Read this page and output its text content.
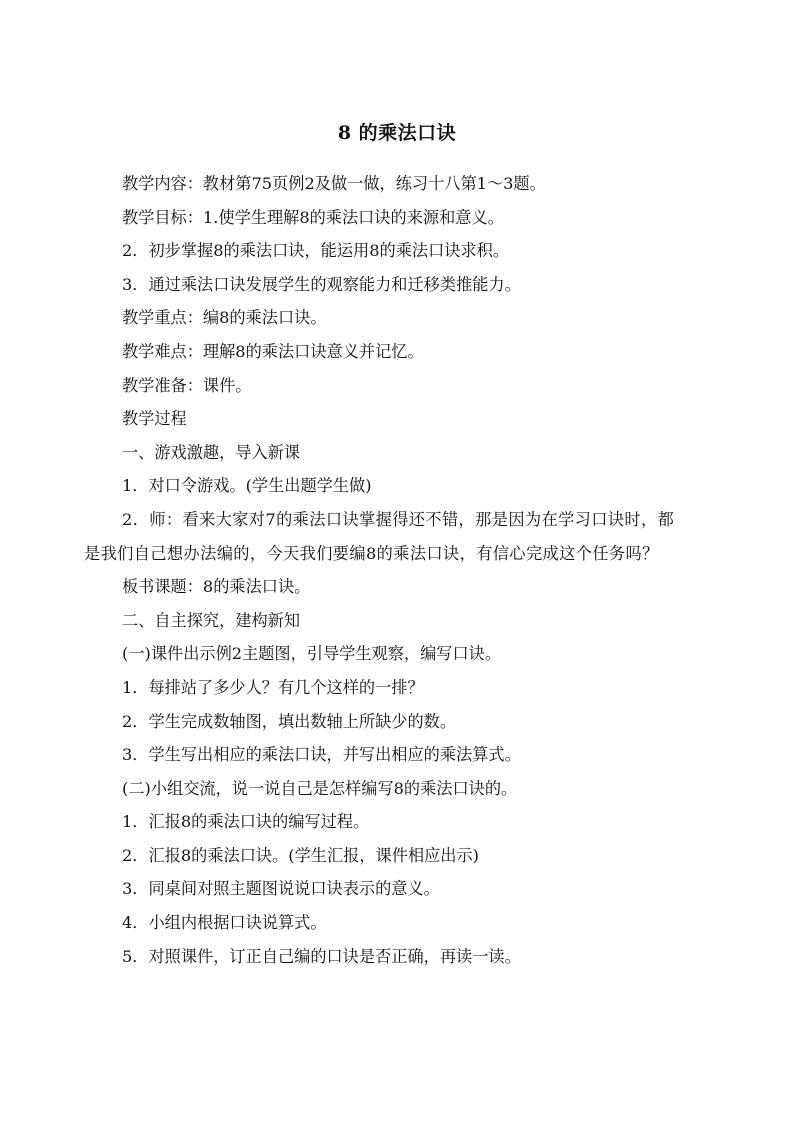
8 的乘法口诀

教学内容：教材第75页例2及做一做，练习十八第1～3题。

教学目标：1.使学生理解8的乘法口诀的来源和意义。

2．初步掌握8的乘法口诀，能运用8的乘法口诀求积。

3．通过乘法口诀发展学生的观察能力和迁移类推能力。

教学重点：编8的乘法口诀。

教学难点：理解8的乘法口诀意义并记忆。

教学准备：课件。

教学过程

一、游戏激趣，导入新课

1．对口令游戏。(学生出题学生做)

2．师：看来大家对7的乘法口诀掌握得还不错，那是因为在学习口诀时，都是我们自己想办法编的，今天我们要编8的乘法口诀，有信心完成这个任务吗？

板书课题：8的乘法口诀。

二、自主探究，建构新知

(一)课件出示例2主题图，引导学生观察，编写口诀。

1．每排站了多少人？有几个这样的一排？

2．学生完成数轴图，填出数轴上所缺少的数。

3．学生写出相应的乘法口诀，并写出相应的乘法算式。

(二)小组交流，说一说自己是怎样编写8的乘法口诀的。

1．汇报8的乘法口诀的编写过程。

2．汇报8的乘法口诀。(学生汇报，课件相应出示)

3．同桌间对照主题图说说口诀表示的意义。

4．小组内根据口诀说算式。

5．对照课件，订正自己编的口诀是否正确，再读一读。
